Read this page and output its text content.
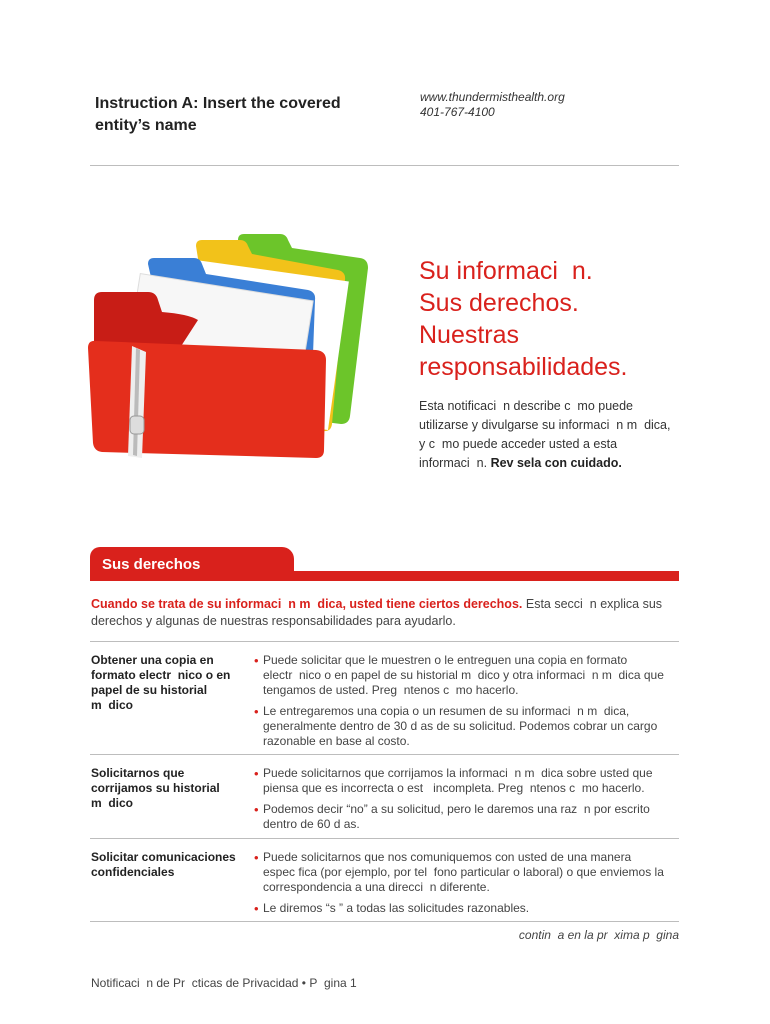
Instruction A: Insert the covered entity’s name
www.thundermisthealth.org
401-767-4100
Su informaci  n.
Sus derechos.
Nuestras
responsabilidades.
Esta notificaci  n describe c  mo puede utilizarse y divulgarse su informaci  n m  dica, y c  mo puede acceder usted a esta informaci  n. Rev sela con cuidado.
Sus derechos
Cuando se trata de su informaci  n m  dica, usted tiene ciertos derechos. Esta secci  n explica sus derechos y algunas de nuestras responsabilidades para ayudarlo.
Obtener una copia en formato electr  nico o en papel de su historial m  dico
• Puede solicitar que le muestren o le entreguen una copia en formato electr  nico o en papel de su historial m  dico y otra informaci  n m  dica que tengamos de usted. Preg  ntenos c  mo hacerlo.
• Le entregaremos una copia o un resumen de su informaci  n m  dica, generalmente dentro de 30 d as de su solicitud. Podemos cobrar un cargo razonable en base al costo.
Solicitarnos que corrijamos su historial m  dico
• Puede solicitarnos que corrijamos la informaci  n m  dica sobre usted que piensa que es incorrecta o est   incompleta. Preg  ntenos c  mo hacerlo.
• Podemos decir “no” a su solicitud, pero le daremos una raz  n por escrito dentro de 60 d as.
Solicitar comunicaciones confidenciales
• Puede solicitarnos que nos comuniquemos con usted de una manera espec fica (por ejemplo, por tel  fono particular o laboral) o que enviemos la correspondencia a una direcci  n diferente.
• Le diremos “s ” a todas las solicitudes razonables.
contin  a en la pr  xima p  gina
Notificaci  n de Pr  cticas de Privacidad • P  gina 1
